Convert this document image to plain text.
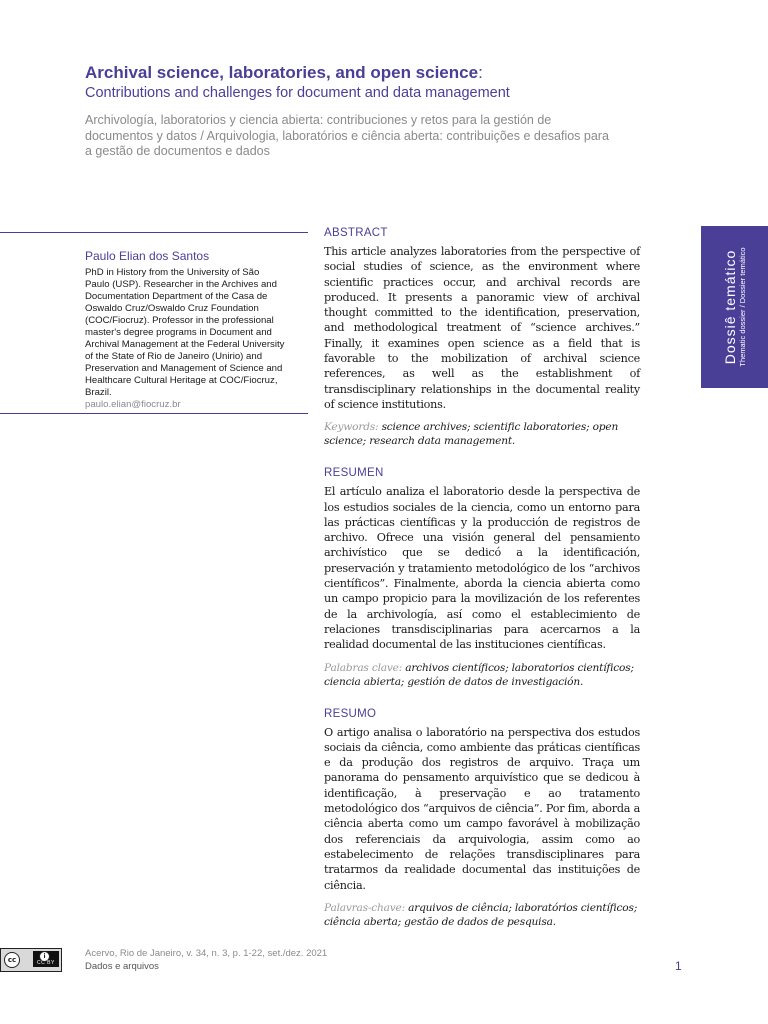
Archival science, laboratories, and open science:

Contributions and challenges for document and data management

Archivología, laboratorios y ciencia abierta: contribuciones y retos para la gestión de documentos y datos / Arquivologia, laboratórios e ciência aberta: contribuições e desafios para a gestão de documentos e dados

Paulo Elian dos Santos

PhD in History from the University of São Paulo (USP). Researcher in the Archives and Documentation Department of the Casa de Oswaldo Cruz/Oswaldo Cruz Foundation (COC/Fiocruz). Professor in the professional master's degree programs in Document and Archival Management at the Federal University of the State of Rio de Janeiro (Unirio) and Preservation and Management of Science and Healthcare Cultural Heritage at COC/Fiocruz, Brazil.

paulo.elian@fiocruz.br

ABSTRACT

This article analyzes laboratories from the perspective of social studies of science, as the environment where scientific practices occur, and archival records are produced. It presents a panoramic view of archival thought committed to the identification, preservation, and methodological treatment of “science archives.” Finally, it examines open science as a field that is favorable to the mobilization of archival science references, as well as the establishment of transdisciplinary relationships in the documental reality of science institutions.

Keywords: science archives; scientific laboratories; open science; research data management.

RESUMEN

El artículo analiza el laboratorio desde la perspectiva de los estudios sociales de la ciencia, como un entorno para las prácticas científicas y la producción de registros de archivo. Ofrece una visión general del pensamiento archivístico que se dedicó a la identificación, preservación y tratamiento metodológico de los “archivos científicos”. Finalmente, aborda la ciencia abierta como un campo propicio para la movilización de los referentes de la archivología, así como el establecimiento de relaciones transdisciplinarias para acercarnos a la realidad documental de las instituciones científicas.

Palabras clave: archivos científicos; laboratorios científicos; ciencia abierta; gestión de datos de investigación.

RESUMO

O artigo analisa o laboratório na perspectiva dos estudos sociais da ciência, como ambiente das práticas científicas e da produção dos registros de arquivo. Traça um panorama do pensamento arquivístico que se dedicou à identificação, à preservação e ao tratamento metodológico dos “arquivos de ciência”. Por fim, aborda a ciência aberta como um campo favorável à mobilização dos referenciais da arquivologia, assim como ao estabelecimento de relações transdisciplinares para tratarmos da realidade documental das instituições de ciência.

Palavras-chave: arquivos de ciência; laboratórios científicos; ciência aberta; gestão de dados de pesquisa.

Dossiê temático Thematic dossier / Dossier temático
cc	i
CC BY
Acervo, Rio de Janeiro, v. 34, n. 3, p. 1-22, set./dez. 2021
Dados e arquivos	1
